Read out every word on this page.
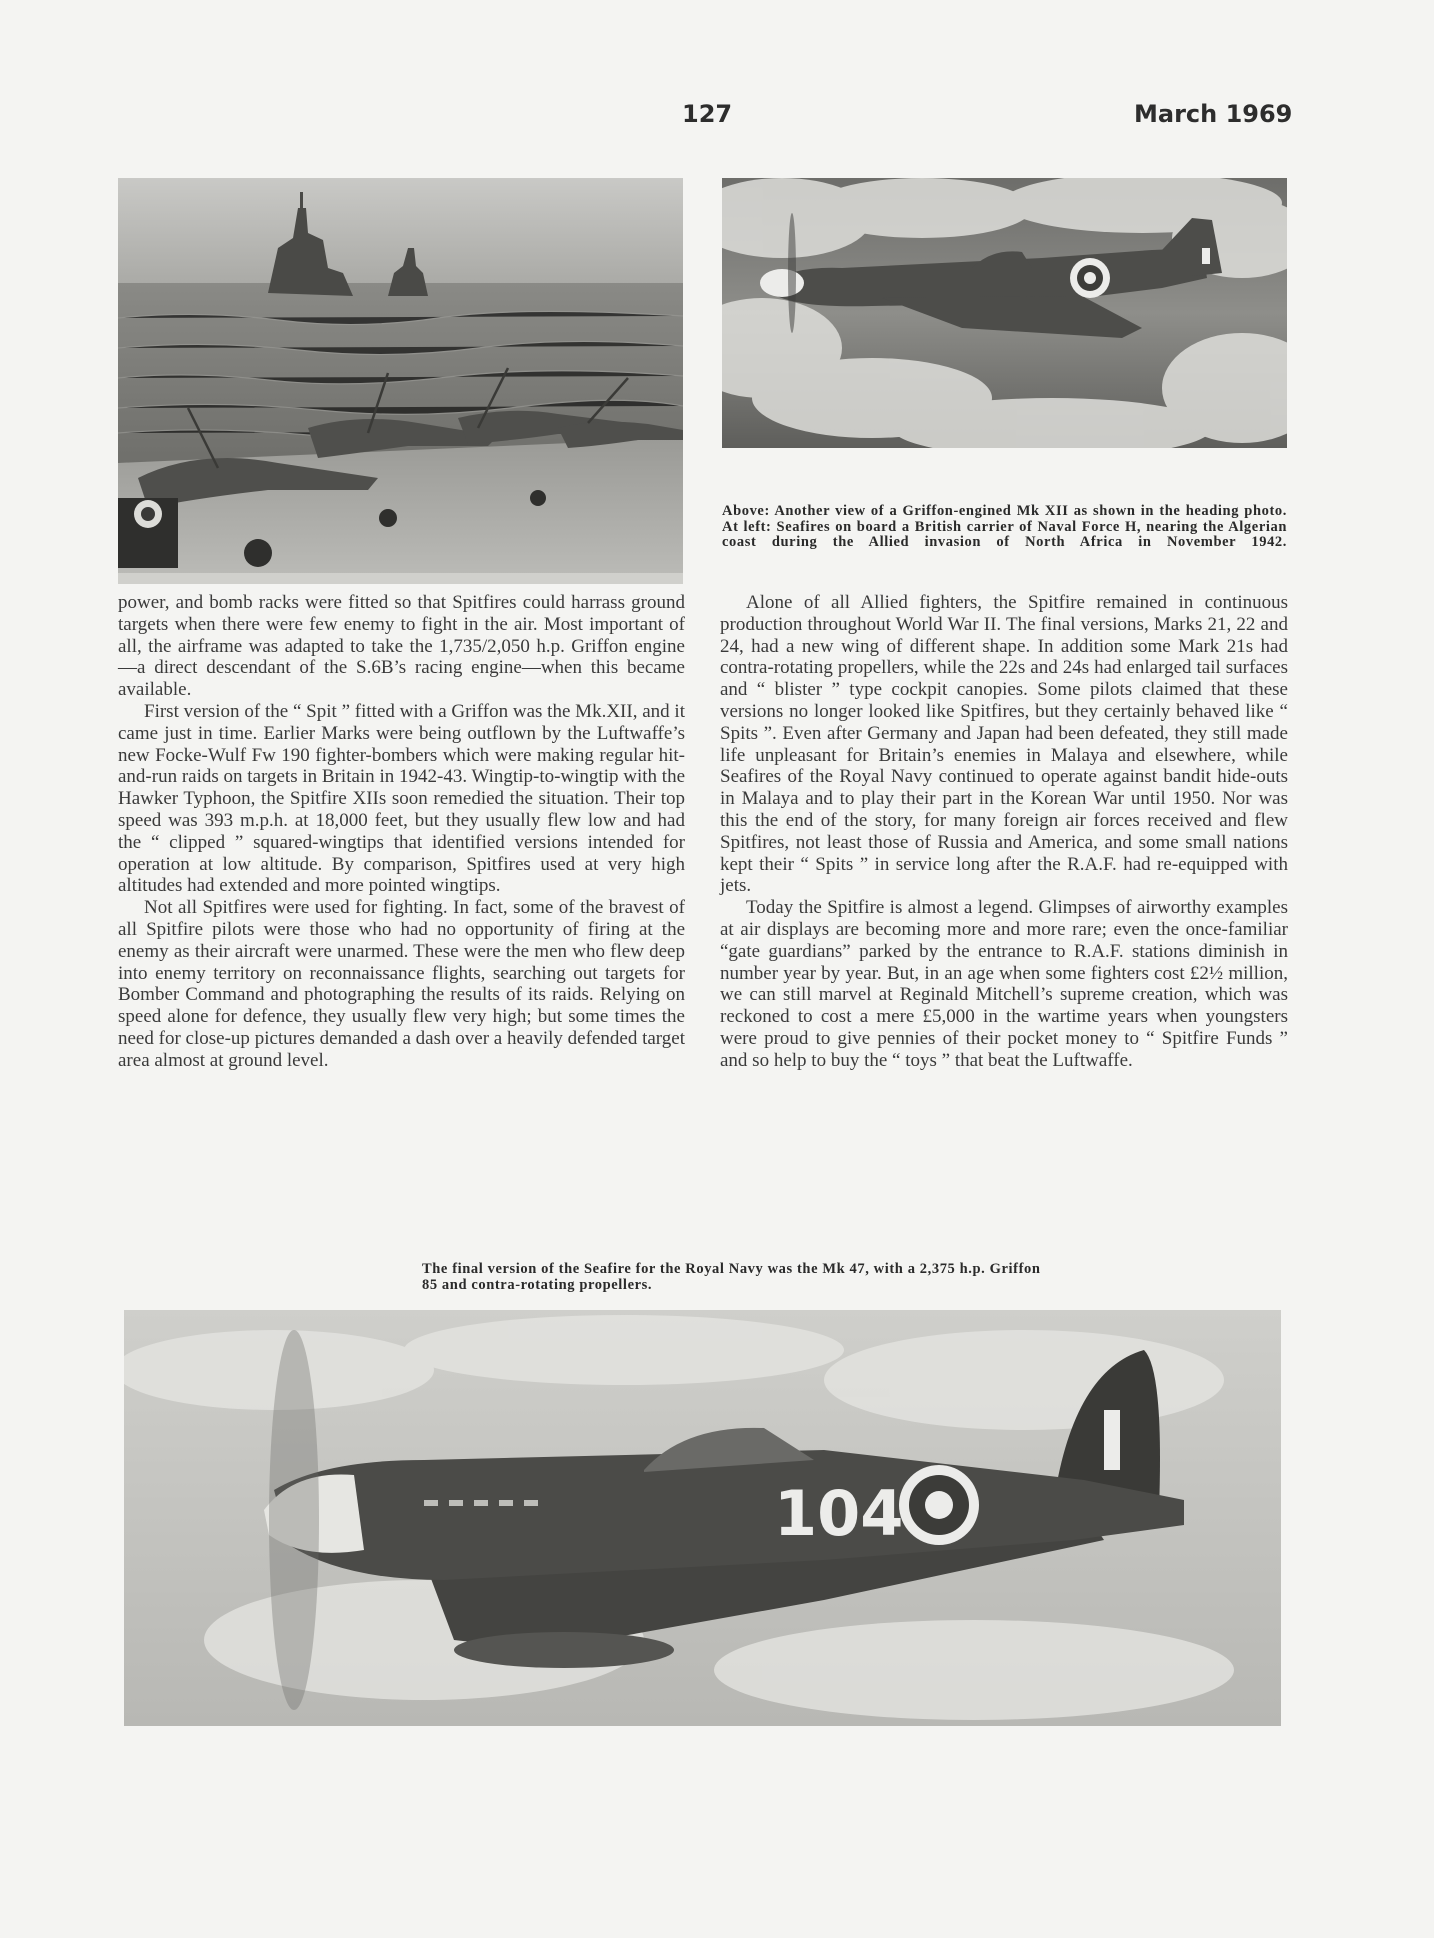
127	March 1969
Above: Another view of a Griffon-engined Mk XII as shown in the heading photo. At left: Seafires on board a British carrier of Naval Force H, nearing the Algerian coast during the Allied invasion of North Africa in November 1942.

power, and bomb racks were fitted so that Spitfires could harrass ground targets when there were few enemy to fight in the air. Most important of all, the airframe was adapted to take the 1,735/2,050 h.p. Griffon engine—a direct descendant of the S.6B’s racing engine—when this became available.

First version of the “ Spit ” fitted with a Griffon was the Mk.XII, and it came just in time. Earlier Marks were being outflown by the Luftwaffe’s new Focke-Wulf Fw 190 fighter-bombers which were making regular hit-and-run raids on targets in Britain in 1942-43. Wingtip-to-wingtip with the Hawker Typhoon, the Spitfire XIIs soon remedied the situation. Their top speed was 393 m.p.h. at 18,000 feet, but they usually flew low and had the “ clipped ” squared-wingtips that identified versions intended for operation at low altitude. By comparison, Spitfires used at very high altitudes had extended and more pointed wingtips.

Not all Spitfires were used for fighting. In fact, some of the bravest of all Spitfire pilots were those who had no opportunity of firing at the enemy as their aircraft were unarmed. These were the men who flew deep into enemy territory on reconnaissance flights, searching out targets for Bomber Command and photographing the results of its raids. Relying on speed alone for defence, they usually flew very high; but some times the need for close-up pictures demanded a dash over a heavily defended target area almost at ground level.

Alone of all Allied fighters, the Spitfire remained in continuous production throughout World War II. The final versions, Marks 21, 22 and 24, had a new wing of different shape. In addition some Mark 21s had contra-rotating propellers, while the 22s and 24s had enlarged tail surfaces and “ blister ” type cockpit canopies. Some pilots claimed that these versions no longer looked like Spitfires, but they certainly behaved like “ Spits ”. Even after Germany and Japan had been defeated, they still made life unpleasant for Britain’s enemies in Malaya and elsewhere, while Seafires of the Royal Navy continued to operate against bandit hide-outs in Malaya and to play their part in the Korean War until 1950. Nor was this the end of the story, for many foreign air forces received and flew Spitfires, not least those of Russia and America, and some small nations kept their “ Spits ” in service long after the R.A.F. had re-equipped with jets.

Today the Spitfire is almost a legend. Glimpses of airworthy examples at air displays are becoming more and more rare; even the once-familiar “gate guardians” parked by the entrance to R.A.F. stations diminish in number year by year. But, in an age when some fighters cost £2½ million, we can still marvel at Reginald Mitchell’s supreme creation, which was reckoned to cost a mere £5,000 in the wartime years when youngsters were proud to give pennies of their pocket money to “ Spitfire Funds ” and so help to buy the “ toys ” that beat the Luftwaffe.

The final version of the Seafire for the Royal Navy was the Mk 47, with a 2,375 h.p. Griffon 85 and contra-rotating propellers.
104
